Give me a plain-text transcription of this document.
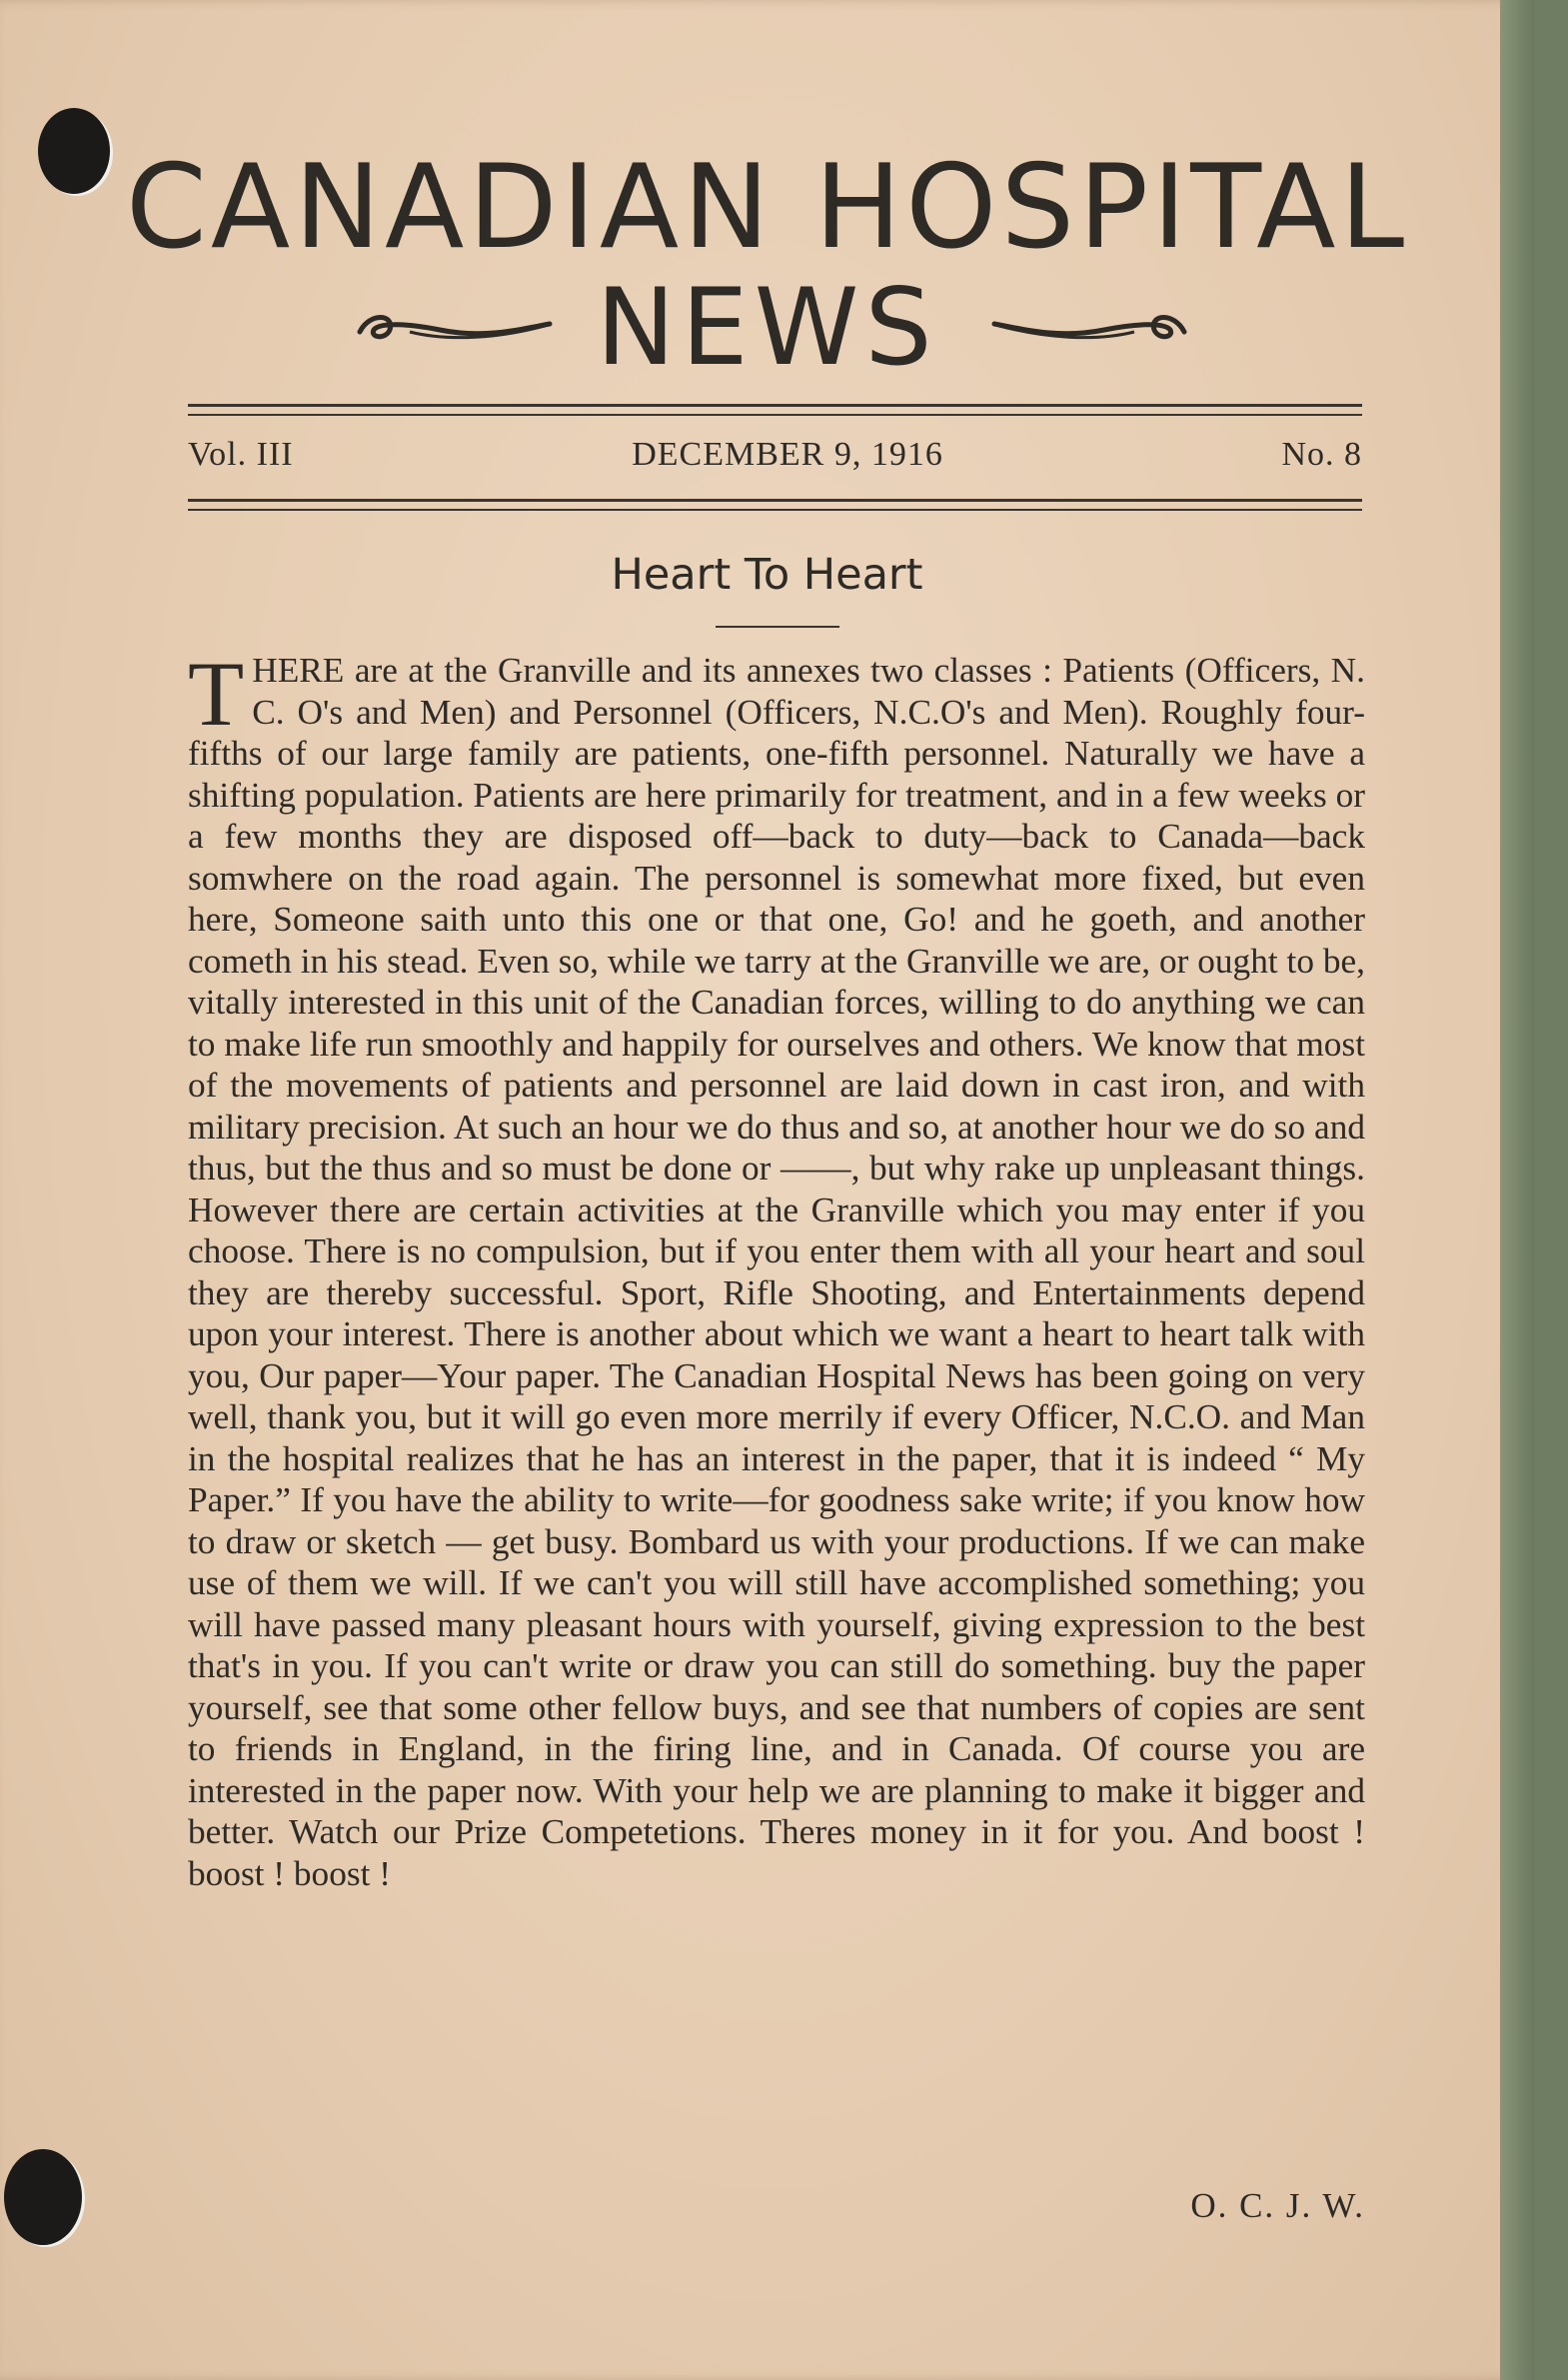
CANADIAN HOSPITAL
NEWS
Vol. III	DECEMBER 9, 1916	No. 8
Heart To Heart
T HERE are at the Granville and its annexes two classes : Patients (Officers, N. C. O's and Men) and Personnel (Officers, N.C.O's and Men). Roughly four-fifths of our large family are patients, one-fifth personnel. Naturally we have a shifting population. Patients are here primarily for treatment, and in a few weeks or a few months they are disposed off—back to duty—back to Canada—back somwhere on the road again. The personnel is somewhat more fixed, but even here, Someone saith unto this one or that one, Go! and he goeth, and another cometh in his stead. Even so, while we tarry at the Granville we are, or ought to be, vitally interested in this unit of the Canadian forces, willing to do anything we can to make life run smoothly and happily for ourselves and others. We know that most of the movements of patients and personnel are laid down in cast iron, and with military precision. At such an hour we do thus and so, at another hour we do so and thus, but the thus and so must be done or ——, but why rake up unpleasant things. However there are certain activities at the Granville which you may enter if you choose. There is no compulsion, but if you enter them with all your heart and soul they are thereby successful. Sport, Rifle Shooting, and Entertainments depend upon your interest. There is another about which we want a heart to heart talk with you, Our paper—Your paper. The Canadian Hospital News has been going on very well, thank you, but it will go even more merrily if every Officer, N.C.O. and Man in the hospital realizes that he has an interest in the paper, that it is indeed “ My Paper.” If you have the ability to write—for goodness sake write; if you know how to draw or sketch — get busy. Bombard us with your productions. If we can make use of them we will. If we can't you will still have accomplished something; you will have passed many pleasant hours with yourself, giving expression to the best that's in you. If you can't write or draw you can still do something. buy the paper yourself, see that some other fellow buys, and see that numbers of copies are sent to friends in England, in the firing line, and in Canada. Of course you are interested in the paper now. With your help we are planning to make it bigger and better. Watch our Prize Competetions. Theres money in it for you. And boost ! boost ! boost !
O. C. J. W.
